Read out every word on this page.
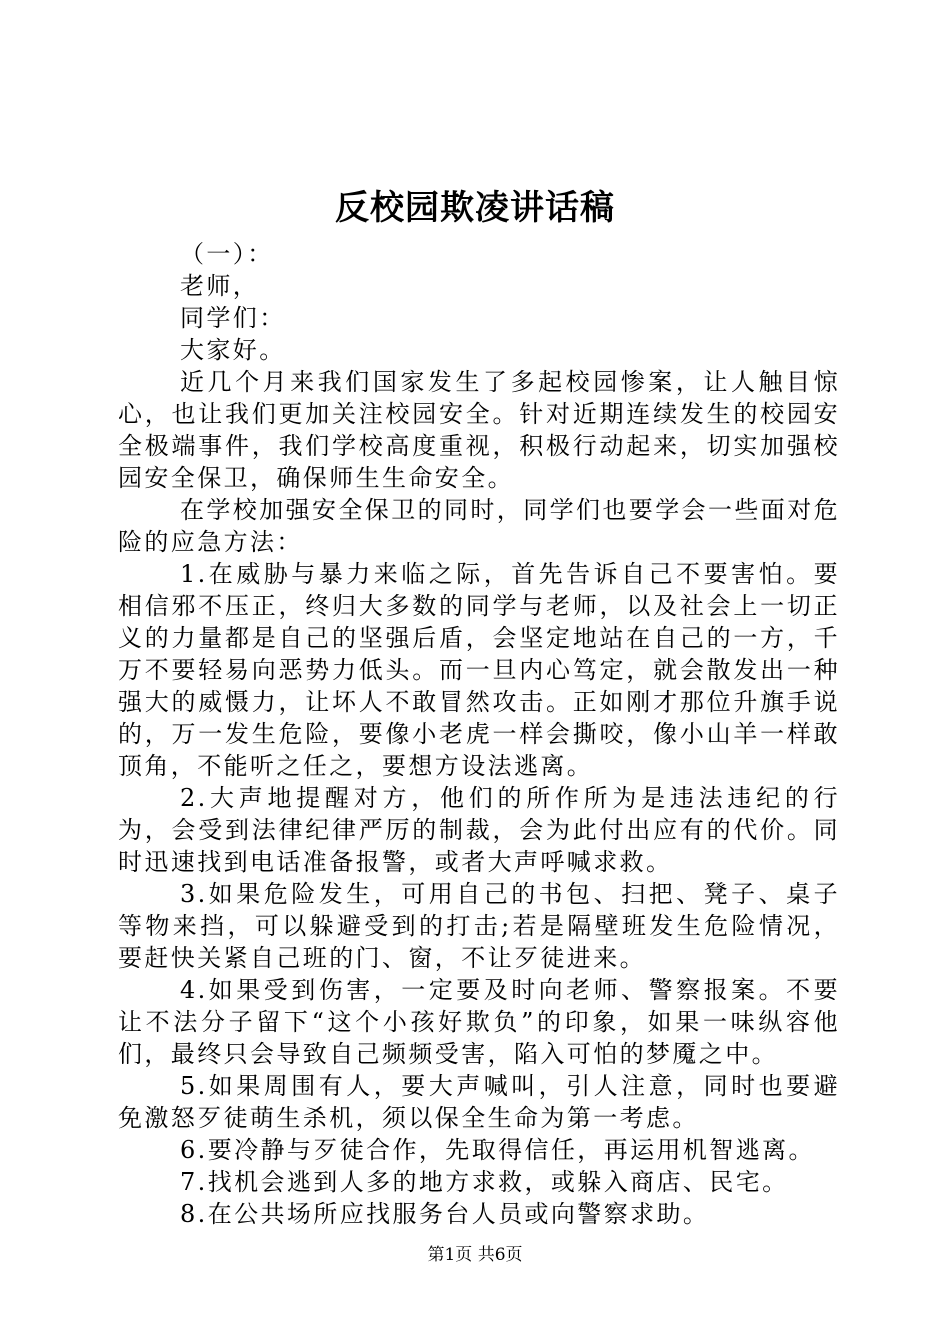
反校园欺凌讲话稿

（一）：

老师，

同学们：

大家好。

近几个月来我们国家发生了多起校园惨案，让人触目惊心，也让我们更加关注校园安全。针对近期连续发生的校园安全极端事件，我们学校高度重视，积极行动起来，切实加强校园安全保卫，确保师生生命安全。

在学校加强安全保卫的同时，同学们也要学会一些面对危险的应急方法：

1.在威胁与暴力来临之际，首先告诉自己不要害怕。要相信邪不压正，终归大多数的同学与老师，以及社会上一切正义的力量都是自己的坚强后盾，会坚定地站在自己的一方，千万不要轻易向恶势力低头。而一旦内心笃定，就会散发出一种强大的威慑力，让坏人不敢冒然攻击。正如刚才那位升旗手说的，万一发生危险，要像小老虎一样会撕咬，像小山羊一样敢顶角，不能听之任之，要想方设法逃离。

2.大声地提醒对方，他们的所作所为是违法违纪的行为，会受到法律纪律严厉的制裁，会为此付出应有的代价。同时迅速找到电话准备报警，或者大声呼喊求救。

3.如果危险发生，可用自己的书包、扫把、凳子、桌子等物来挡，可以躲避受到的打击;若是隔壁班发生危险情况，要赶快关紧自己班的门、窗，不让歹徒进来。

4.如果受到伤害，一定要及时向老师、警察报案。不要让不法分子留下“这个小孩好欺负”的印象，如果一味纵容他们，最终只会导致自己频频受害，陷入可怕的梦魇之中。

5.如果周围有人，要大声喊叫，引人注意，同时也要避免激怒歹徒萌生杀机，须以保全生命为第一考虑。

6.要冷静与歹徒合作，先取得信任，再运用机智逃离。

7.找机会逃到人多的地方求救，或躲入商店、民宅。

8.在公共场所应找服务台人员或向警察求助。

第1页 共6页
